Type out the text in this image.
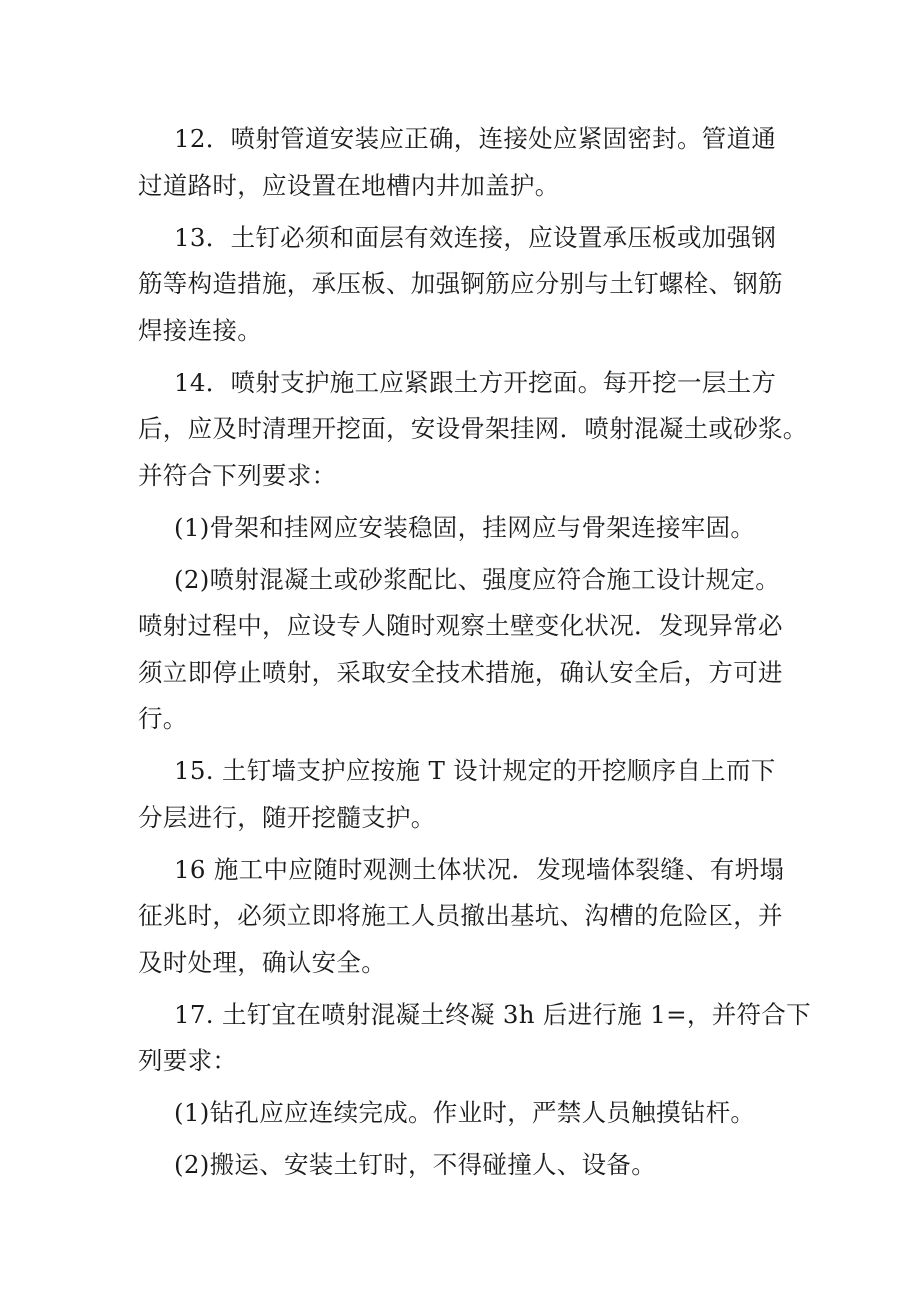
12．喷射管道安装应正确，连接处应紧固密封。管道通
过道路时，应设置在地槽内井加盖护。
13．土钉必须和面层有效连接，应设置承压板或加强钢
筋等构造措施，承压板、加强锕筋应分别与土钉螺栓、钢筋
焊接连接。
14．喷射支护施工应紧跟土方开挖面。每开挖一层土方
后，应及时清理开挖面，安设骨架挂网．喷射混凝土或砂浆。
并符合下列要求：
(1)骨架和挂网应安装稳固，挂网应与骨架连接牢固。
(2)喷射混凝土或砂浆配比、强度应符合施工设计规定。
喷射过程中，应设专人随时观察土壁变化状况．发现异常必
须立即停止喷射，采取安全技术措施，确认安全后，方可进
行。
15. 土钉墙支护应按施 T 设计规定的开挖顺序自上而下
分层进行，随开挖髓支护。
16 施工中应随时观测土体状况．发现墙体裂缝、有坍塌
征兆时，必须立即将施工人员撤出基坑、沟槽的危险区，并
及时处理，确认安全。
17. 土钉宜在喷射混凝土终凝 3h 后进行施 1=，并符合下
列要求：
(1)钻孔应应连续完成。作业时，严禁人员触摸钻杆。
(2)搬运、安装土钉时，不得碰撞人、设备。
